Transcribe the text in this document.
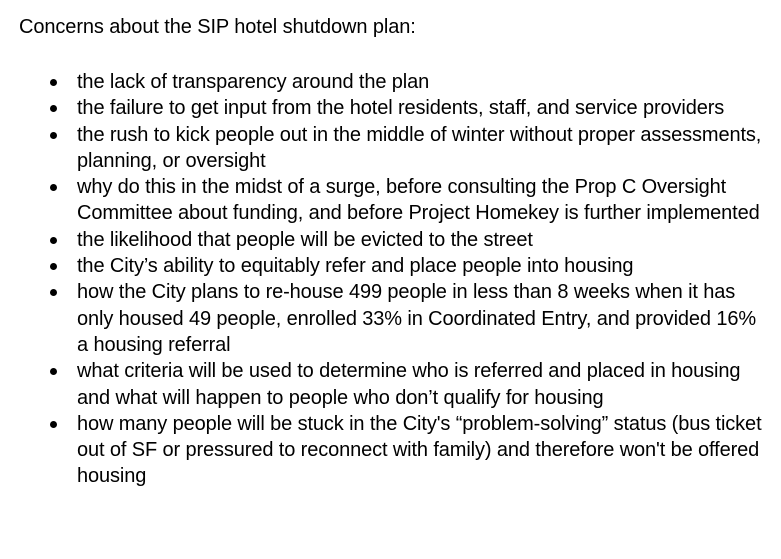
Concerns about the SIP hotel shutdown plan:

the lack of transparency around the plan
the failure to get input from the hotel residents, staff, and service providers
the rush to kick people out in the middle of winter without proper assessments, planning, or oversight
why do this in the midst of a surge, before consulting the Prop C Oversight Committee about funding, and before Project Homekey is further implemented
the likelihood that people will be evicted to the street
the City’s ability to equitably refer and place people into housing
how the City plans to re-house 499 people in less than 8 weeks when it has only housed 49 people, enrolled 33% in Coordinated Entry, and provided 16% a housing referral
what criteria will be used to determine who is referred and placed in housing and what will happen to people who don’t qualify for housing
how many people will be stuck in the City's “problem-solving” status (bus ticket out of SF or pressured to reconnect with family) and therefore won't be offered housing
